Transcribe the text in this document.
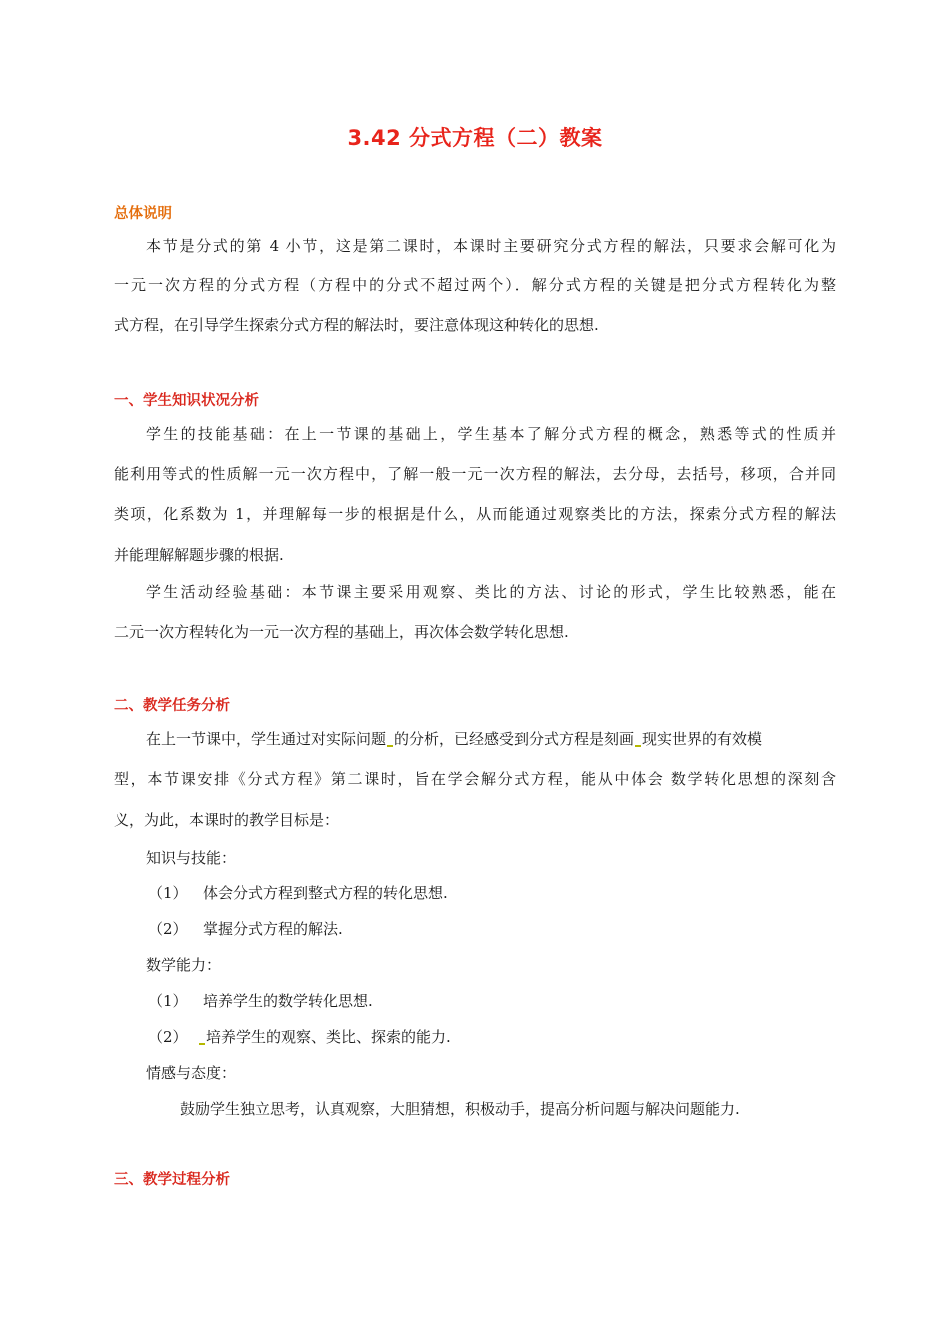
3.42 分式方程（二）教案
总体说明
本节是分式的第 4 小节，这是第二课时，本课时主要研究分式方程的解法，只要求会解可化为
一元一次方程的分式方程（方程中的分式不超过两个）．解分式方程的关键是把分式方程转化为整
式方程，在引导学生探索分式方程的解法时，要注意体现这种转化的思想.
一、学生知识状况分析
学生的技能基础：在上一节课的基础上，学生基本了解分式方程的概念，熟悉等式的性质并
能利用等式的性质解一元一次方程中，了解一般一元一次方程的解法，去分母，去括号，移项，合并同
类项，化系数为 1，并理解每一步的根据是什么，从而能通过观察类比的方法，探索分式方程的解法
并能理解解题步骤的根据.
学生活动经验基础：本节课主要采用观察、类比的方法、讨论的形式，学生比较熟悉，能在
二元一次方程转化为一元一次方程的基础上，再次体会数学转化思想.
二、教学任务分析
在上一节课中，学生通过对实际问题 的分析，已经感受到分式方程是刻画 现实世界的有效模
型，本节课安排《分式方程》第二课时，旨在学会解分式方程，能从中体会 数学转化思想的深刻含
义，为此，本课时的教学目标是：
知识与技能：
（1） 体会分式方程到整式方程的转化思想.
（2） 掌握分式方程的解法.
数学能力：
（1） 培养学生的数学转化思想.
（2） 培养学生的观察、类比、探索的能力.
情感与态度：
鼓励学生独立思考，认真观察，大胆猜想，积极动手，提高分析问题与解决问题能力.
三、教学过程分析
